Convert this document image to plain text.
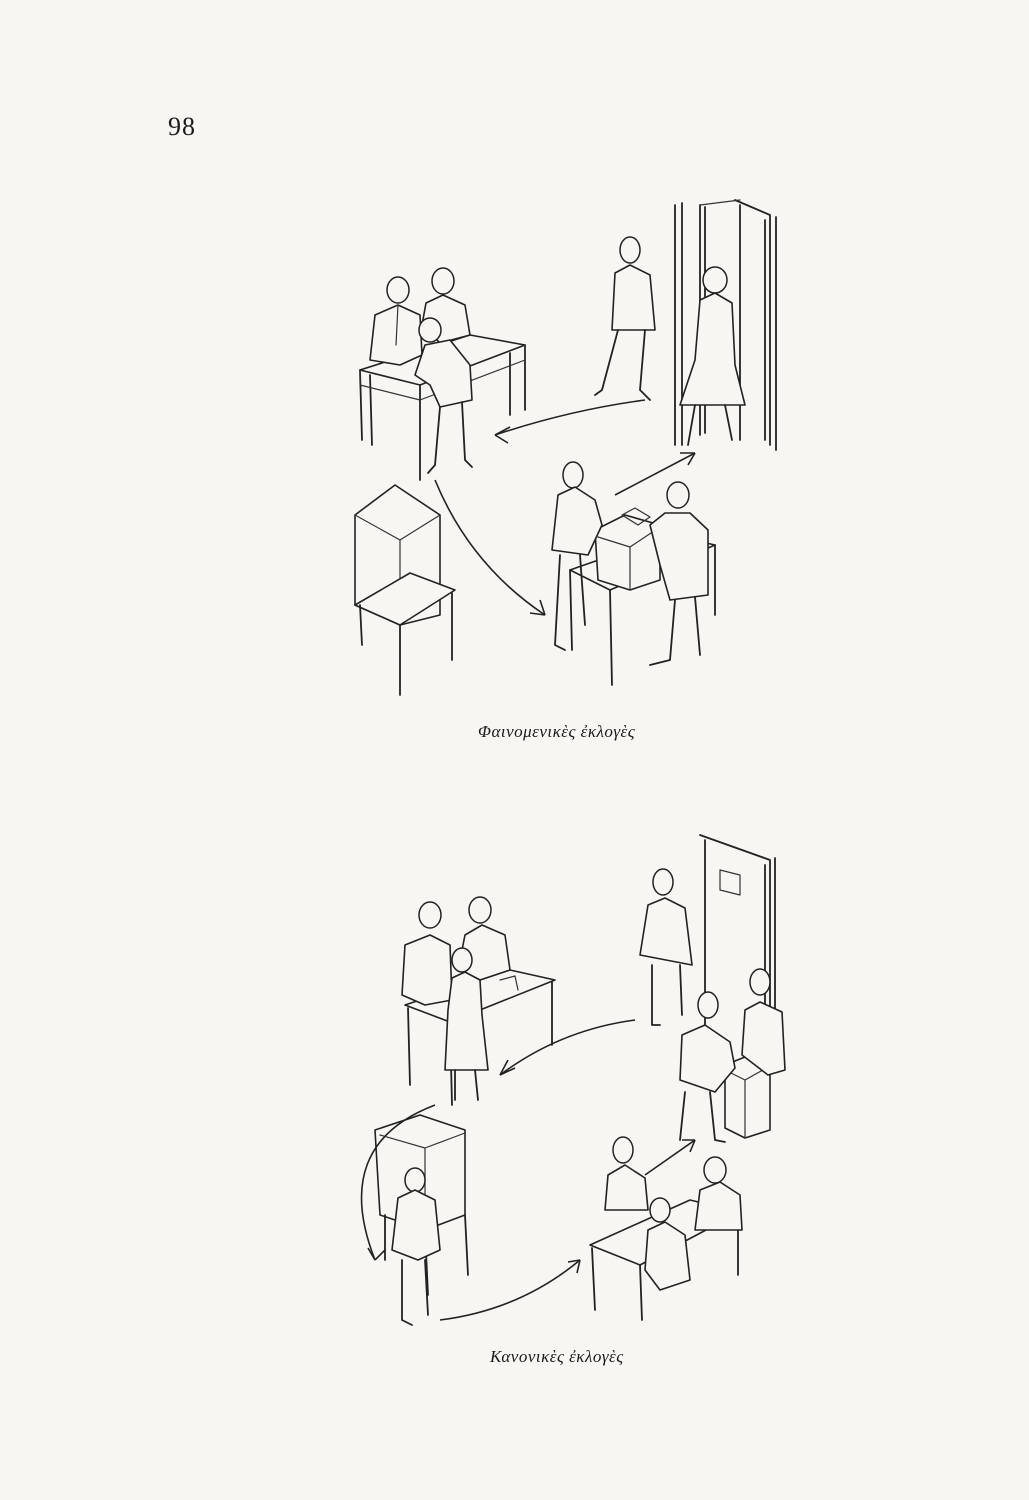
98
Φαινομενικὲς ἐκλογὲς
Κανονικὲς ἐκλογὲς
